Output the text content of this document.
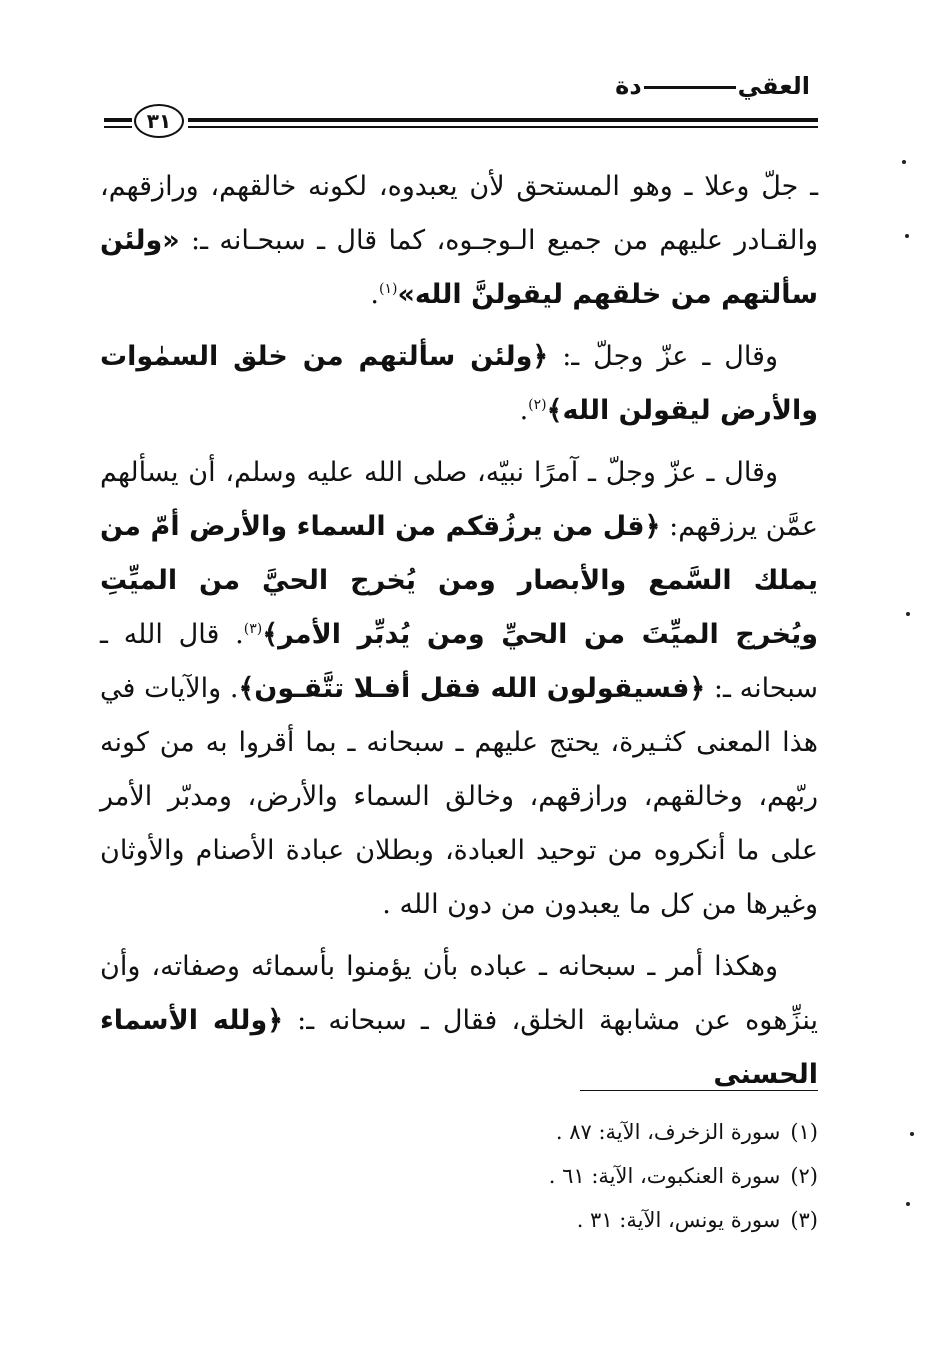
العقيدة
٣١

ـ جلّ وعلا ـ وهو المستحق لأن يعبدوه، لكونه خالقهم، ورازقهم، والقـادر عليهم من جميع الـوجـوه، كما قال ـ سبحـانه ـ: «ولئن سألتهم من خلقهم ليقولنَّ الله»$^{(١)}$.

وقال ـ عزّ وجلّ ـ: ﴿ولئن سألتهم من خلق السمٰوات والأرض ليقولن الله﴾$^{(٢)}$.

وقال ـ عزّ وجلّ ـ آمرًا نبيّه، صلى الله عليه وسلم، أن يسألهم عمَّن يرزقهم: ﴿قل من يرزُقكم من السماء والأرض أمّ من يملك السَّمع والأبصار ومن يُخرج الحيَّ من الميِّتِ ويُخرج الميِّتَ من الحيِّ ومن يُدبِّر الأمر﴾$^{(٣)}$. قال الله ـ سبحانه ـ: ﴿فسيقولون الله فقل أفـلا تتَّقـون﴾. والآيات في هذا المعنى كثـيرة، يحتج عليهم ـ سبحانه ـ بما أقروا به من كونه ربّهم، وخالقهم، ورازقهم، وخالق السماء والأرض، ومدبّر الأمر على ما أنكروه من توحيد العبادة، وبطلان عبادة الأصنام والأوثان وغيرها من كل ما يعبدون من دون الله .

وهكذا أمر ـ سبحانه ـ عباده بأن يؤمنوا بأسمائه وصفاته، وأن ينزِّهوه عن مشابهة الخلق، فقال ـ سبحانه ـ: ﴿ولله الأسماء الحسنى

(١)سورة الزخرف، الآية: ٨٧ .
(٢)سورة العنكبوت، الآية: ٦١ .
(٣)سورة يونس، الآية: ٣١ .
